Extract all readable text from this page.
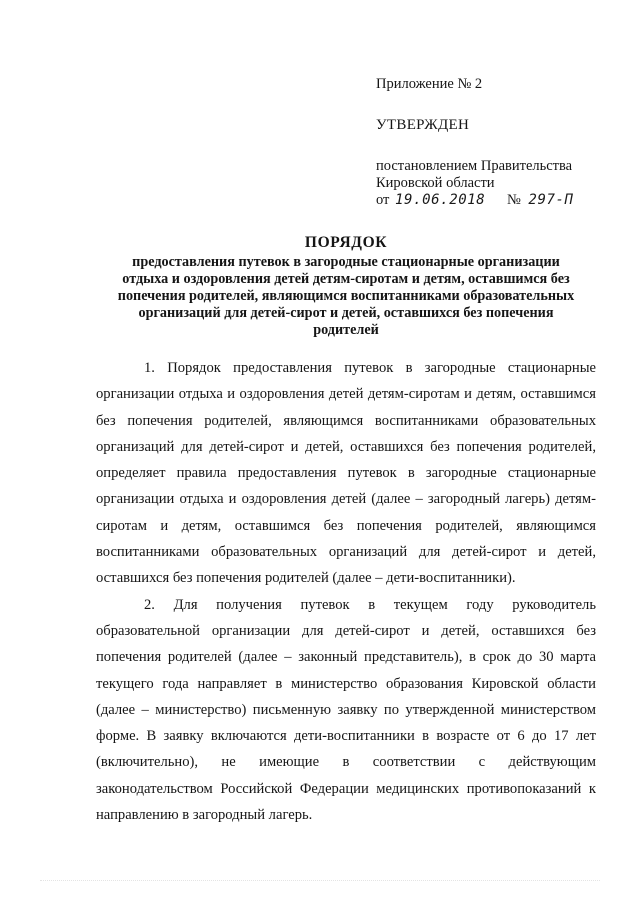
Приложение № 2
УТВЕРЖДЕН
постановлением Правительства
Кировской области
от 19.06.2018 № 297-П
ПОРЯДОК
предоставления путевок в загородные стационарные организации
отдыха и оздоровления детей детям-сиротам и детям, оставшимся без
попечения родителей, являющимся воспитанниками образовательных
организаций для детей-сирот и детей, оставшихся без попечения
родителей

1. Порядок предоставления путевок в загородные стационарные организации отдыха и оздоровления детей детям-сиротам и детям, оставшимся без попечения родителей, являющимся воспитанниками образовательных организаций для детей-сирот и детей, оставшихся без попечения родителей, определяет правила предоставления путевок в загородные стационарные организации отдыха и оздоровления детей (далее – загородный лагерь) детям-сиротам и детям, оставшимся без попечения родителей, являющимся воспитанниками образовательных организаций для детей-сирот и детей, оставшихся без попечения родителей (далее – дети-воспитанники).

2. Для получения путевок в текущем году руководитель образовательной организации для детей-сирот и детей, оставшихся без попечения родителей (далее – законный представитель), в срок до 30 марта текущего года направляет в министерство образования Кировской области (далее – министерство) письменную заявку по утвержденной министерством форме. В заявку включаются дети-воспитанники в возрасте от 6 до 17 лет (включительно), не имеющие в соответствии с действующим законодательством Российской Федерации медицинских противопоказаний к направлению в загородный лагерь.
